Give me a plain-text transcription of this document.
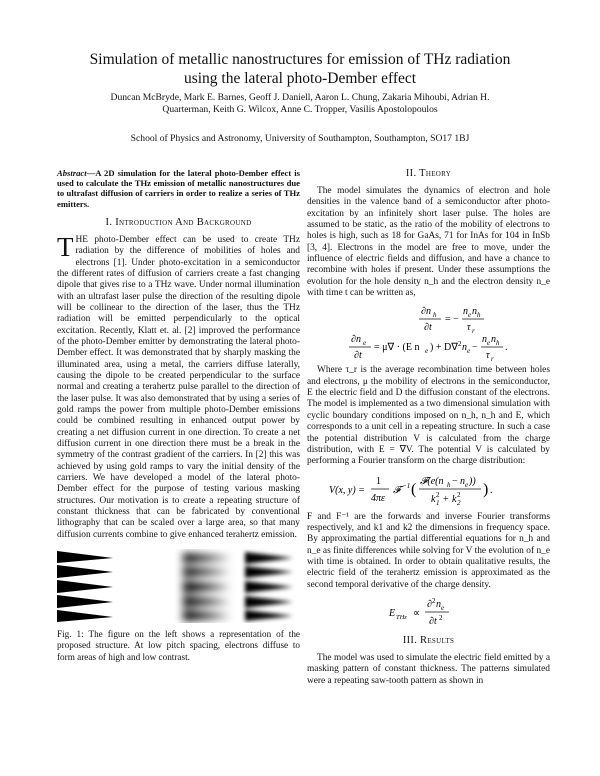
Simulation of metallic nanostructures for emission of THz radiation
using the lateral photo-Dember effect
Duncan McBryde, Mark E. Barnes, Geoff J. Daniell, Aaron L. Chung, Zakaria Mihoubi, Adrian H.
Quarterman, Keith G. Wilcox, Anne C. Tropper, Vasilis Apostolopoulos
School of Physics and Astronomy, University of Southampton, Southampton, SO17 1BJ

Abstract—A 2D simulation for the lateral photo-Dember effect is used to calculate the THz emission of metallic nanostructures due to ultrafast diffusion of carriers in order to realize a series of THz emitters.

I. Introduction And Background

THE photo-Dember effect can be used to create THz radiation by the difference of mobilities of holes and electrons [1]. Under photo-excitation in a semiconductor the different rates of diffusion of carriers create a fast changing dipole that gives rise to a THz wave. Under normal illumination with an ultrafast laser pulse the direction of the resulting dipole will be collinear to the direction of the laser, thus the THz radiation will be emitted perpendicularly to the optical excitation. Recently, Klatt et. al. [2] improved the performance of the photo-Dember emitter by demonstrating the lateral photo-Dember effect. It was demonstrated that by sharply masking the illuminated area, using a metal, the carriers diffuse laterally, causing the dipole to be created perpendicular to the surface normal and creating a terahertz pulse parallel to the direction of the laser pulse. It was also demonstrated that by using a series of gold ramps the power from multiple photo-Dember emissions could be combined resulting in enhanced output power by creating a net diffusion current in one direction. To create a net diffusion current in one direction there must be a break in the symmetry of the contrast gradient of the carriers. In [2] this was achieved by using gold ramps to vary the initial density of the carriers. We have developed a model of the lateral photo-Dember effect for the purpose of testing various masking structures. Our motivation is to create a repeating structure of constant thickness that can be fabricated by conventional lithography that can be scaled over a large area, so that many diffusion currents combine to give enhanced terahertz emission.

Fig. 1: The figure on the left shows a representation of the proposed structure. At low pitch spacing, electrons diffuse to form areas of high and low contrast.

II. Theory

The model simulates the dynamics of electron and hole densities in the valence band of a semiconductor after photo-excitation by an infinitely short laser pulse. The holes are assumed to be static, as the ratio of the mobility of electrons to holes is high, such as 18 for GaAs, 71 for InAs for 104 in InSb [3, 4]. Electrons in the model are free to move, under the influence of electric fields and diffusion, and have a chance to recombine with holes if present. Under these assumptions the evolution for the hole density n_h and the electron density n_e with time t can be written as,

∂n h
∂t
= −
n e n h
τ r
∂n e
∂t
= μ∇ · (E n e ) + D∇ 2 n e −
n e n h
τ r
.

Where τ_r is the average recombination time between holes and electrons, μ the mobility of electrons in the semiconductor, E the electric field and D the diffusion constant of the electrons. The model is implemented as a two dimensional simulation with cyclic boundary conditions imposed on n_h, n_h and E, which corresponds to a unit cell in a repeating structure. In such a case the potential distribution V is calculated from the charge distribution, with E = ∇V. The potential V is calculated by performing a Fourier transform on the charge distribution:

V(x, y) =
1
4πε
𝓕 −1 ( 𝓕(e(n h − n e ))
k 1
2 + k 2
2 ) .

F and F⁻¹ are the forwards and inverse Fourier transforms respectively, and k1 and k2 the dimensions in frequency space. By approximating the partial differential equations for n_h and n_e as finite differences while solving for V the evolution of n_e with time is obtained. In order to obtain qualitative results, the electric field of the terahertz emission is approximated as the second temporal derivative of the charge density.

E THz ∝
∂ 2 n e
∂t 2
III. Results

The model was used to simulate the electric field emitted by a masking pattern of constant thickness. The patterns simulated were a repeating saw-tooth pattern as shown in
